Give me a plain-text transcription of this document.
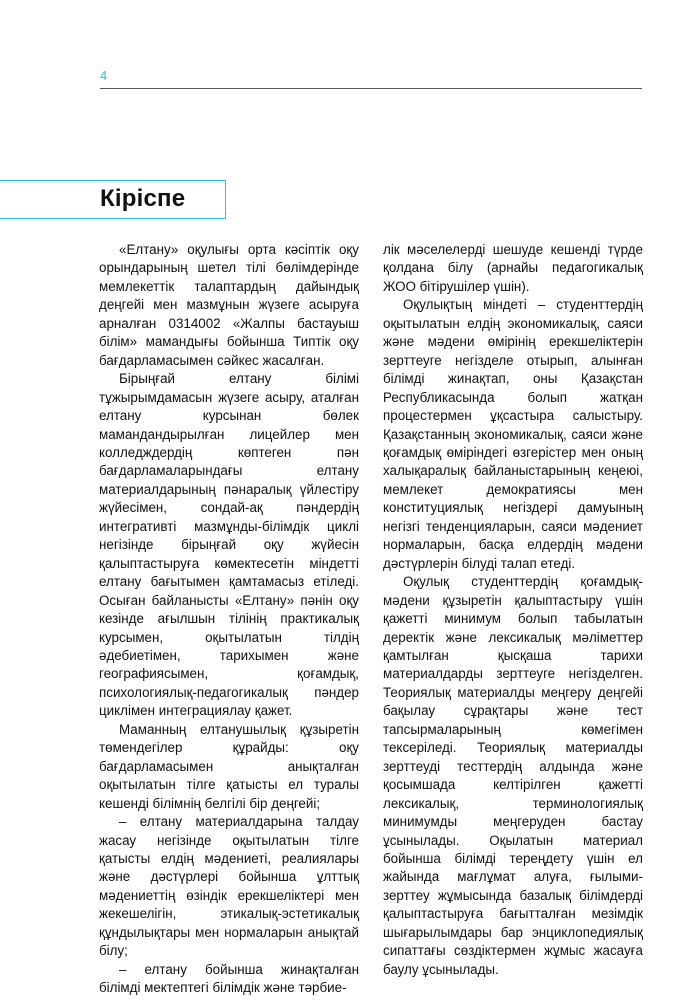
4
Кіріспе

«Елтану» оқулығы орта кәсіптік оқу орындарының шетел тілі бөлімдерінде мемлекеттік талаптардың дайындық деңгейі мен мазмұнын жүзеге асыруға арналған 0314002 «Жалпы бастауыш білім» мамандығы бойынша Типтік оқу бағдарламасымен сәйкес жасалған.

Бірыңғай елтану білімі тұжырымдамасын жүзеге асыру, аталған елтану курсынан бөлек мамандандырылған лицейлер мен колледждердің көптеген пән бағдарламаларындағы елтану материалдарының пәнаралық үйлестіру жүйесімен, сондай-ақ пәндердің интегративті мазмұнды-білімдік циклі негізінде бірыңғай оқу жүйесін қалыптастыруға көмектесетін міндетті елтану бағытымен қамтамасыз етіледі. Осыған байланысты «Елтану» пәнін оқу кезінде ағылшын тілінің практикалық курсымен, оқытылатын тілдің әдебиетімен, тарихымен және географиясымен, қоғамдық, психологиялық-педагогикалық пәндер циклімен интеграциялау қажет.

Маманның елтанушылық құзыретін төмендегілер құрайды: оқу бағдарламасымен анықталған оқытылатын тілге қатысты ел туралы кешенді білімнің белгілі бір деңгейі;

– елтану материалдарына талдау жасау негізінде оқытылатын тілге қатысты елдің мәдениеті, реалиялары және дәстүрлері бойынша ұлттық мәдениеттің өзіндік ерекшеліктері мен жекешелігін, этикалық-эстетикалық құндылықтары мен нормаларын анықтай білу;

– елтану бойынша жинақталған білімді мектептегі білімдік және тәрбие-

лік мәселелерді шешуде кешенді түрде қолдана білу (арнайы педагогикалық ЖОО бітірушілер үшін).

Оқулықтың міндеті – студенттердің оқытылатын елдің экономикалық, саяси және мәдени өмірінің ерекшеліктерін зерттеуге негізделе отырып, алынған білімді жинақтап, оны Қазақстан Республикасында болып жатқан процестермен ұқсастыра салыстыру. Қазақстанның экономикалық, саяси және қоғамдық өміріндегі өзгерістер мен оның халықаралық байланыстарының кеңеюі, мемлекет демократиясы мен конституциялық негіздері дамуының негізгі тенденцияларын, саяси мәдениет нормаларын, басқа елдердің мәдени дәстүрлерін білуді талап етеді.

Оқулық студенттердің қоғамдық-мәдени құзыретін қалыптастыру үшін қажетті минимум болып табылатын деректік және лексикалық мәліметтер қамтылған қысқаша тарихи материалдарды зерттеуге негізделген. Теориялық материалды меңгеру деңгейі бақылау сұрақтары және тест тапсырмаларының көмегімен тексеріледі. Теориялық материалды зерттеуді тесттердің алдында және қосымшада келтірілген қажетті лексикалық, терминологиялық минимумды меңгеруден бастау ұсынылады. Оқылатын материал бойынша білімді тереңдету үшін ел жайында мағлұмат алуға, ғылыми-зерттеу жұмысында базалық білімдерді қалыптастыруға бағытталған мезімдік шығарылымдары бар энциклопедиялық сипаттағы сөздіктермен жұмыс жасауға баулу ұсынылады.
